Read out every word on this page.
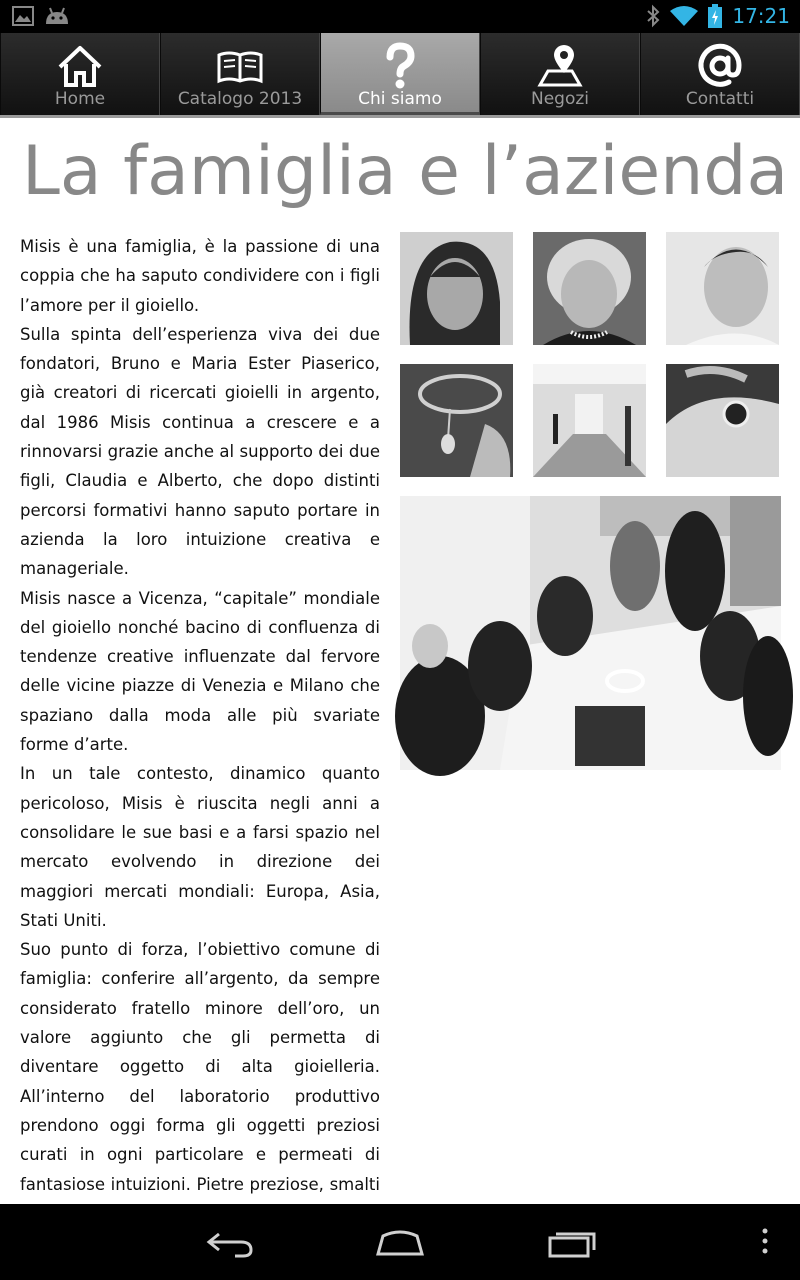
17:21
Home	Catalogo 2013	Chi siamo	Negozi	Contatti
La famiglia e l’azienda

Misis è una famiglia, è la passione di una coppia che ha saputo condividere con i figli l’amore per il gioiello.

Sulla spinta dell’esperienza viva dei due fondatori, Bruno e Maria Ester Piaserico, già creatori di ricercati gioielli in argento, dal 1986 Misis continua a crescere e a rinnovarsi grazie anche al supporto dei due figli, Claudia e Alberto, che dopo distinti percorsi formativi hanno saputo portare in azienda la loro intuizione creativa e manageriale.

Misis nasce a Vicenza, “capitale” mondiale del gioiello nonché bacino di confluenza di tendenze creative influenzate dal fervore delle vicine piazze di Venezia e Milano che spaziano dalla moda alle più svariate forme d’arte.

In un tale contesto, dinamico quanto pericoloso, Misis è riuscita negli anni a consolidare le sue basi e a farsi spazio nel mercato evolvendo in direzione dei maggiori mercati mondiali: Europa, Asia, Stati Uniti.

Suo punto di forza, l’obiettivo comune di famiglia: conferire all’argento, da sempre considerato fratello minore dell’oro, un valore aggiunto che gli permetta di diventare oggetto di alta gioielleria. All’interno del laboratorio produttivo prendono oggi forma gli oggetti preziosi curati in ogni particolare e permeati di fantasiose intuizioni. Pietre preziose, smalti
